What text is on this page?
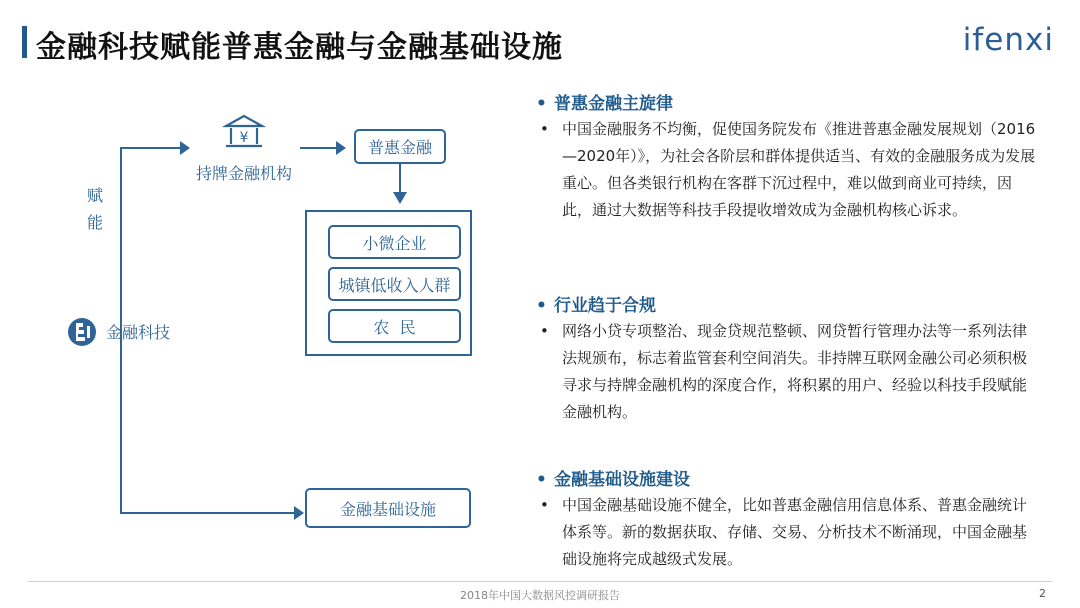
金融科技赋能普惠金融与金融基础设施	ifenxi
¥
持牌金融机构
普惠金融
小微企业
城镇低收入人群
农  民
赋
能
金融科技
金融基础设施
• 普惠金融主旋律
• 中国金融服务不均衡，促使国务院发布《推进普惠金融发展规划（2016—2020年）》，为社会各阶层和群体提供适当、有效的金融服务成为发展重心。但各类银行机构在客群下沉过程中，难以做到商业可持续，因此，通过大数据等科技手段提收增效成为金融机构核心诉求。
• 行业趋于合规
• 网络小贷专项整治、现金贷规范整顿、网贷暂行管理办法等一系列法律法规颁布，标志着监管套利空间消失。非持牌互联网金融公司必须积极寻求与持牌金融机构的深度合作，将积累的用户、经验以科技手段赋能金融机构。
• 金融基础设施建设
• 中国金融基础设施不健全，比如普惠金融信用信息体系、普惠金融统计体系等。新的数据获取、存储、交易、分析技术不断涌现，中国金融基础设施将完成越级式发展。
2018年中国大数据风控调研报告	2
